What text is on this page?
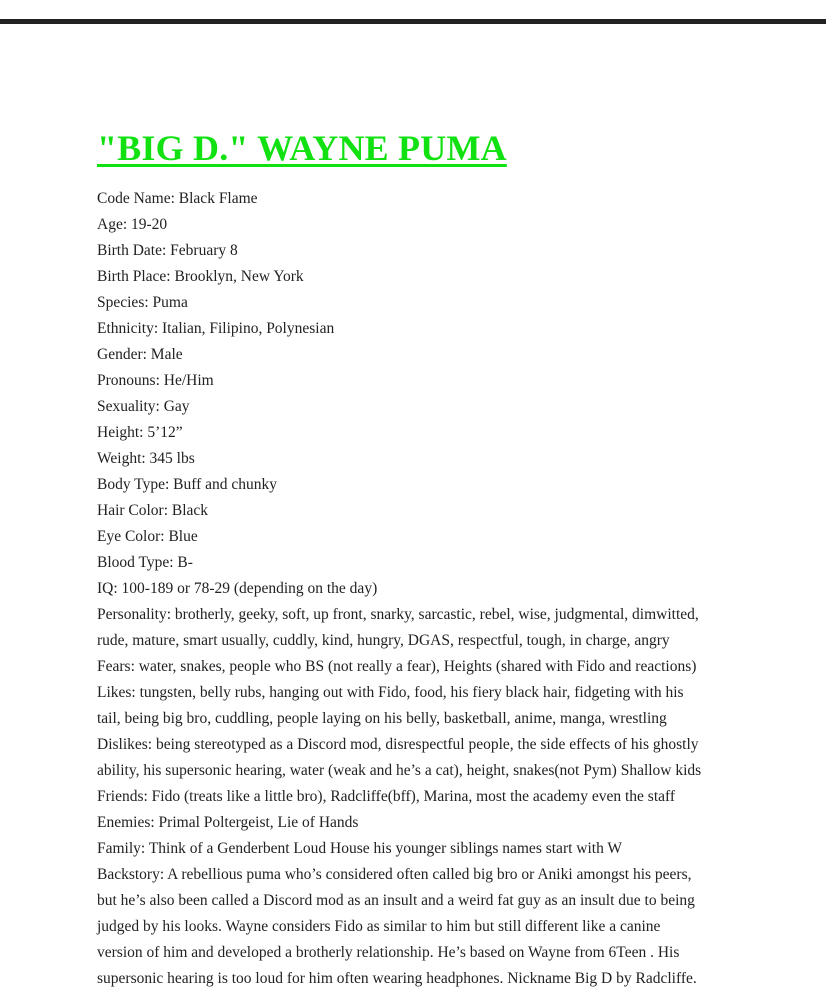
"BIG D." WAYNE PUMA
Code Name: Black Flame
Age: 19-20
Birth Date: February 8
Birth Place: Brooklyn, New York
Species: Puma
Ethnicity: Italian, Filipino, Polynesian
Gender: Male
Pronouns: He/Him
Sexuality: Gay
Height: 5’12”
Weight: 345 lbs
Body Type: Buff and chunky
Hair Color: Black
Eye Color: Blue
Blood Type: B-
IQ: 100-189 or 78-29 (depending on the day)
Personality: brotherly, geeky, soft, up front, snarky, sarcastic, rebel, wise, judgmental, dimwitted,
rude, mature, smart usually, cuddly, kind, hungry, DGAS, respectful, tough, in charge, angry
Fears: water, snakes, people who BS (not really a fear), Heights (shared with Fido and reactions)
Likes: tungsten, belly rubs, hanging out with Fido, food, his fiery black hair, fidgeting with his
tail, being big bro, cuddling, people laying on his belly, basketball, anime, manga, wrestling
Dislikes: being stereotyped as a Discord mod, disrespectful people, the side effects of his ghostly
ability, his supersonic hearing, water (weak and he’s a cat), height, snakes(not Pym) Shallow kids
Friends: Fido (treats like a little bro), Radcliffe(bff), Marina, most the academy even the staff
Enemies: Primal Poltergeist, Lie of Hands
Family: Think of a Genderbent Loud House his younger siblings names start with W
Backstory: A rebellious puma who’s considered often called big bro or Aniki amongst his peers,
but he’s also been called a Discord mod as an insult and a weird fat guy as an insult due to being
judged by his looks. Wayne considers Fido as similar to him but still different like a canine
version of him and developed a brotherly relationship. He’s based on Wayne from 6Teen . His
supersonic hearing is too loud for him often wearing headphones. Nickname Big D by Radcliffe.
